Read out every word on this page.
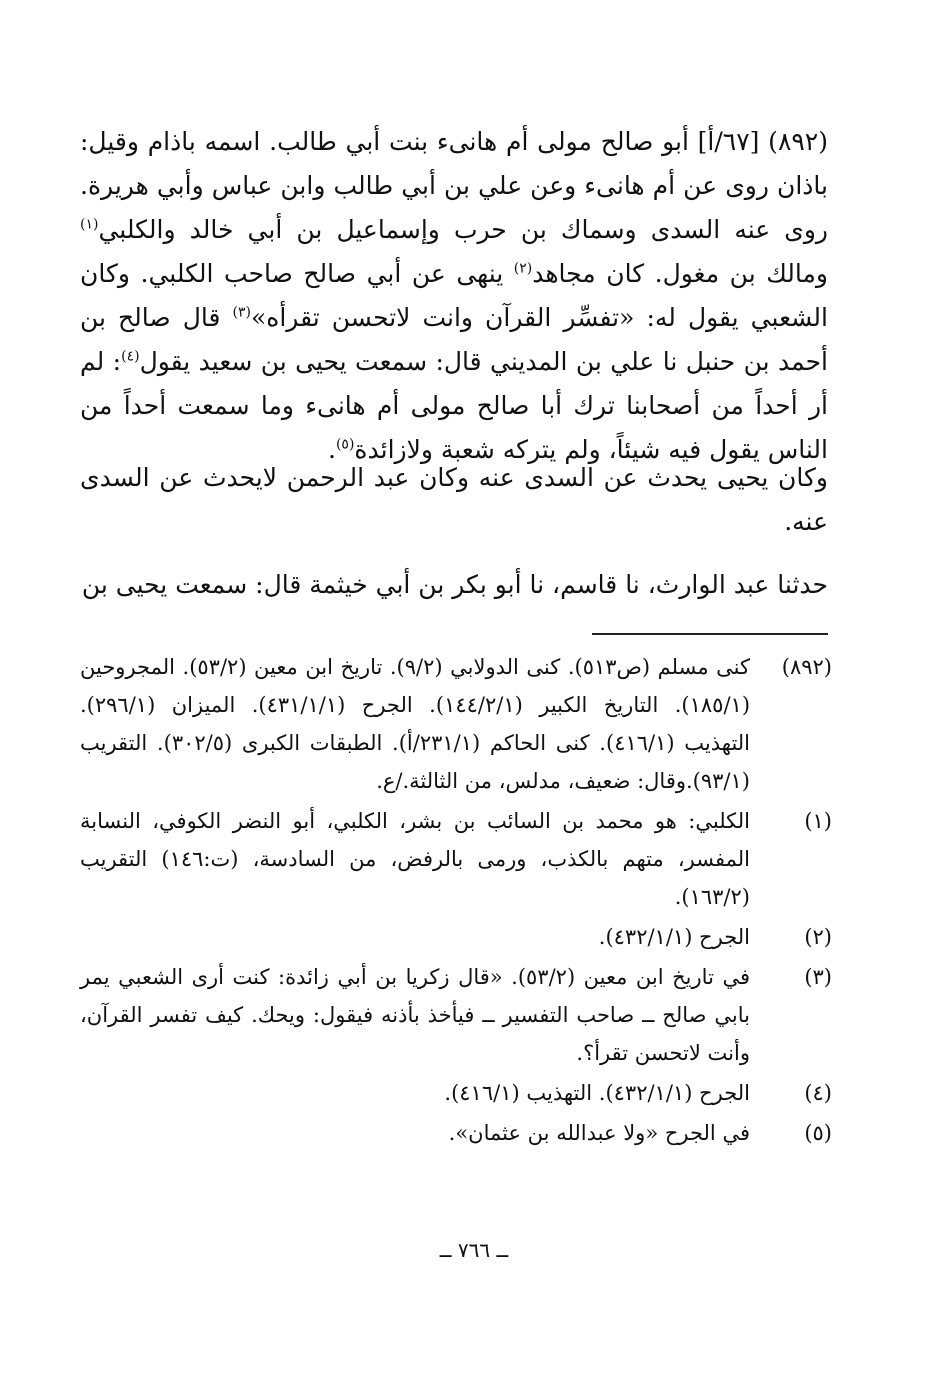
(٨٩٢) [٦٧/أ] أبو صالح مولى أم هانىء بنت أبي طالب. اسمه باذام وقيل: باذان روى عن أم هانىء وعن علي بن أبي طالب وابن عباس وأبي هريرة. روى عنه السدى وسماك بن حرب وإسماعيل بن أبي خالد والكلبي$^{(١)}$ ومالك بن مغول. كان مجاهد$^{(٢)}$ ينهى عن أبي صالح صاحب الكلبي. وكان الشعبي يقول له: «تفسِّر القرآن وانت لاتحسن تقرأه»$^{(٣)}$ قال صالح بن أحمد بن حنبل نا علي بن المديني قال: سمعت يحيى بن سعيد يقول$^{(٤)}$: لم أر أحداً من أصحابنا ترك أبا صالح مولى أم هانىء وما سمعت أحداً من الناس يقول فيه شيئاً، ولم يتركه شعبة ولازائدة$^{(٥)}$.
وكان يحيى يحدث عن السدى عنه وكان عبد الرحمن لايحدث عن السدى عنه.
حدثنا عبد الوارث، نا قاسم، نا أبو بكر بن أبي خيثمة قال: سمعت يحيى بن
(٨٩٢)
كنى مسلم (ص٥١٣). كنى الدولابي (٩/٢). تاريخ ابن معين (٥٣/٢). المجروحين (١٨٥/١). التاريخ الكبير (١٤٤/٢/١). الجرح (٤٣١/١/١). الميزان (٢٩٦/١). التهذيب (٤١٦/١). كنى الحاكم (٢٣١/١/أ). الطبقات الكبرى (٣٠٢/٥). التقريب (٩٣/١).وقال: ضعيف، مدلس، من الثالثة./ع.
(١)
الكلبي: هو محمد بن السائب بن بشر، الكلبي، أبو النضر الكوفي، النسابة المفسر، متهم بالكذب، ورمى بالرفض، من السادسة، (ت:١٤٦) التقريب (١٦٣/٢).
(٢)
الجرح (٤٣٢/١/١).
(٣)
في تاريخ ابن معين (٥٣/٢). «قال زكريا بن أبي زائدة: كنت أرى الشعبي يمر بابي صالح ــ صاحب التفسير ــ فيأخذ بأذنه فيقول: ويحك. كيف تفسر القرآن، وأنت لاتحسن تقرأ؟.
(٤)
الجرح (٤٣٢/١/١). التهذيب (٤١٦/١).
(٥)
في الجرح «ولا عبدالله بن عثمان».
ــ ٧٦٦ ــ
